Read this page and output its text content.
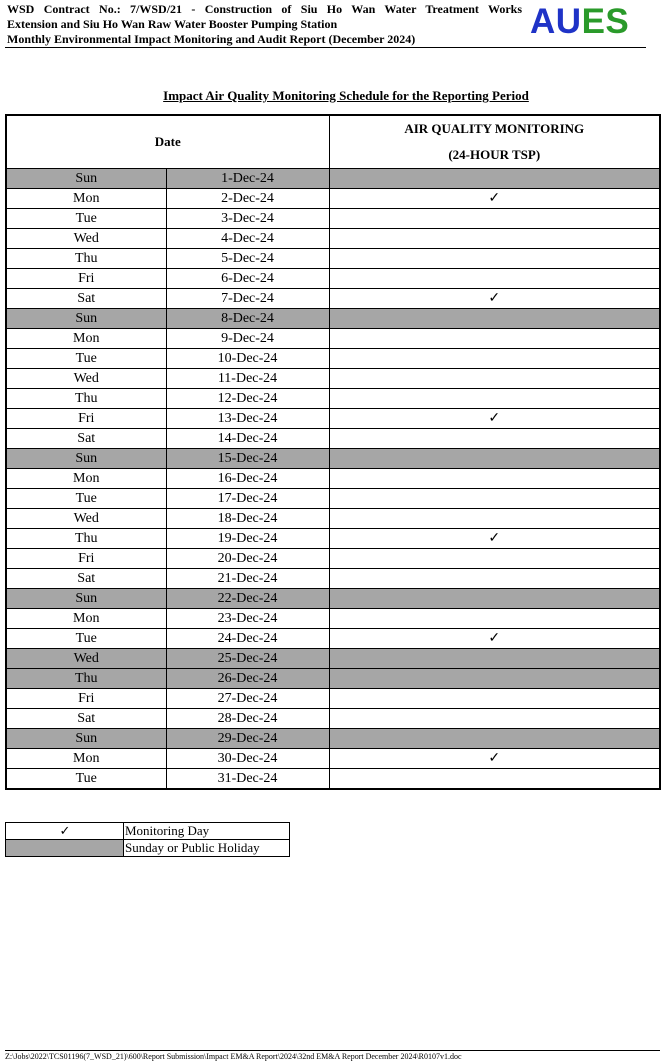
WSD Contract No.: 7/WSD/21 - Construction of Siu Ho Wan Water Treatment Works
Extension and Siu Ho Wan Raw Water Booster Pumping Station
Monthly Environmental Impact Monitoring and Audit Report (December 2024)	AUES
Impact Air Quality Monitoring Schedule for the Reporting Period
Date		AIR QUALITY MONITORING
(24-HOUR TSP)

Sun	1-Dec-24	
Mon	2-Dec-24	✓
Tue	3-Dec-24	
Wed	4-Dec-24	
Thu	5-Dec-24	
Fri	6-Dec-24	
Sat	7-Dec-24	✓
Sun	8-Dec-24	
Mon	9-Dec-24	
Tue	10-Dec-24	
Wed	11-Dec-24	
Thu	12-Dec-24	
Fri	13-Dec-24	✓
Sat	14-Dec-24	
Sun	15-Dec-24	
Mon	16-Dec-24	
Tue	17-Dec-24	
Wed	18-Dec-24	
Thu	19-Dec-24	✓
Fri	20-Dec-24	
Sat	21-Dec-24	
Sun	22-Dec-24	
Mon	23-Dec-24	
Tue	24-Dec-24	✓
Wed	25-Dec-24	
Thu	26-Dec-24	
Fri	27-Dec-24	
Sat	28-Dec-24	
Sun	29-Dec-24	
Mon	30-Dec-24	✓
Tue	31-Dec-24	
✓	Monitoring Day
	Sunday or Public Holiday
Z:\Jobs\2022\TCS01196(7_WSD_21)\600\Report Submission\Impact EM&A Report\2024\32nd EM&A Report December 2024\R0107v1.doc
